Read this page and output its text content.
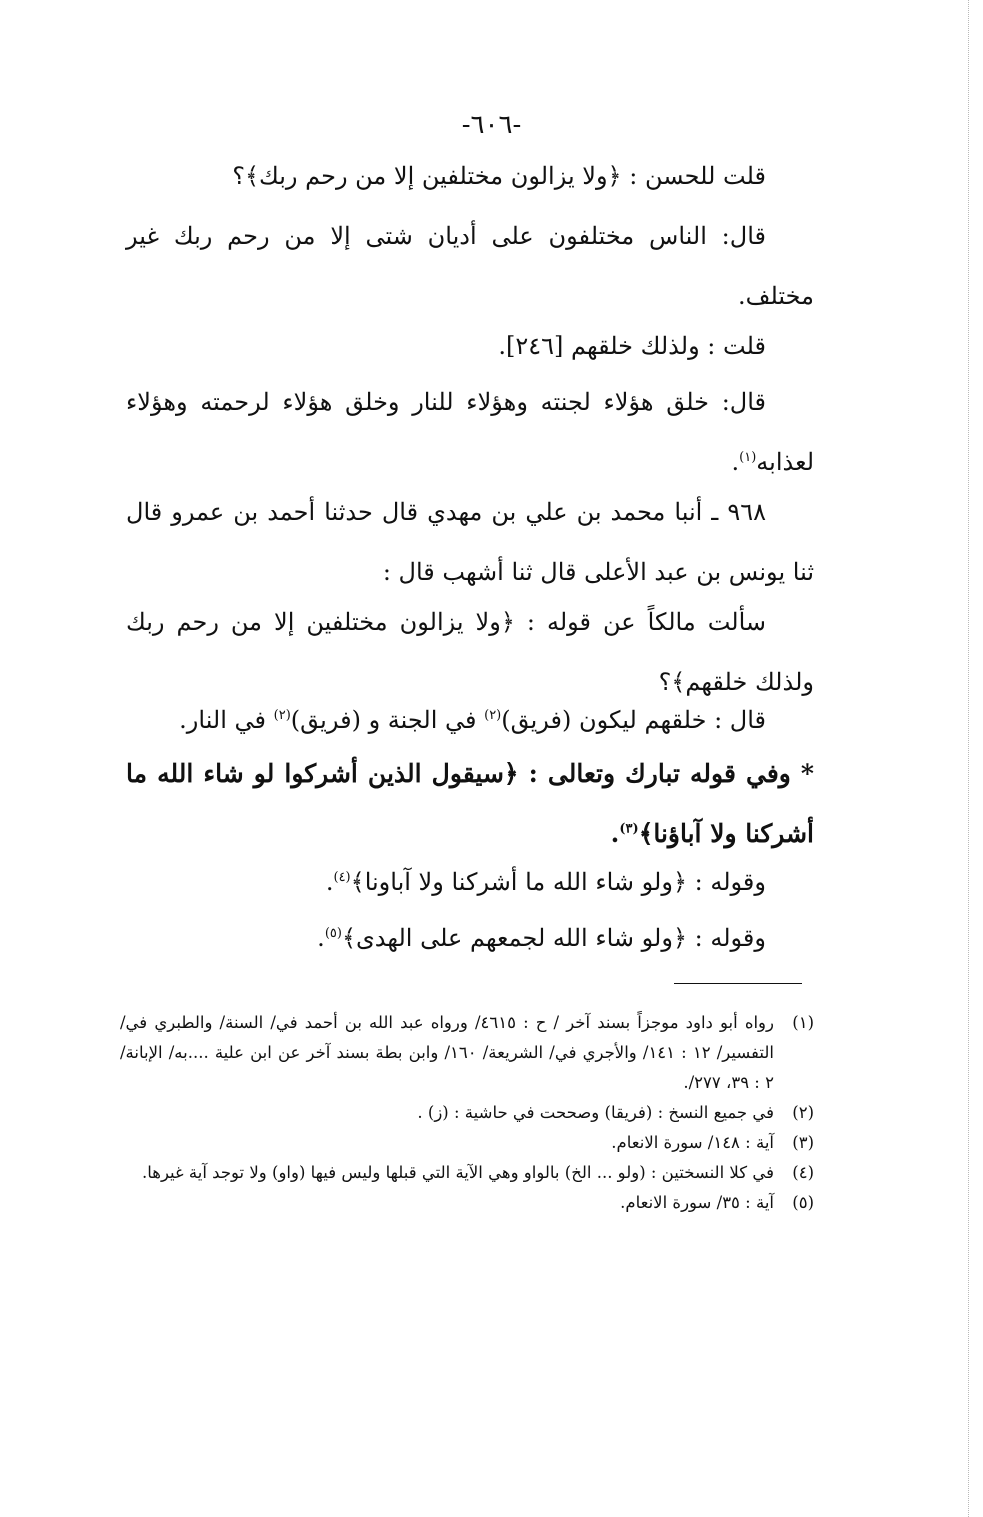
-٦٠٦-

قلت للحسن : ﴿ولا يزالون مختلفين إلا من رحم ربك﴾؟

قال: الناس مختلفون على أديان شتى إلا من رحم ربك غير مختلف.

قلت : ولذلك خلقهم [٢٤٦].

قال: خلق هؤلاء لجنته وهؤلاء للنار وخلق هؤلاء لرحمته وهؤلاء لعذابه$^{(١)}$.

٩٦٨ ـ أنبا محمد بن علي بن مهدي قال حدثنا أحمد بن عمرو قال ثنا يونس بن عبد الأعلى قال ثنا أشهب قال :

سألت مالكاً عن قوله : ﴿ولا يزالون مختلفين إلا من رحم ربك ولذلك خلقهم﴾؟

قال : خلقهم ليكون (فريق)$^{(٢)}$ في الجنة و (فريق)$^{(٢)}$ في النار.

* وفي قوله تبارك وتعالى : ﴿سيقول الذين أشركوا لو شاء الله ما أشركنا ولا آباؤنا﴾$^{(٣)}$.

وقوله : ﴿ولو شاء الله ما أشركنا ولا آباونا﴾$^{(٤)}$.

وقوله : ﴿ولو شاء الله لجمعهم على الهدى﴾$^{(٥)}$.

(١)رواه أبو داود موجزاً بسند آخر / ح : ٤٦١٥/ ورواه عبد الله بن أحمد في/ السنة/ والطبري في/ التفسير/ ١٢ : ١٤١/ والأجري في/ الشريعة/ ١٦٠/ وابن بطة بسند آخر عن ابن علية ....به/ الإبانة/ ٢ : ٣٩، ٢٧٧/.

(٢)في جميع النسخ : (فريقا) وصححت في حاشية : (ز) .

(٣)آية : ١٤٨/ سورة الانعام.

(٤)في كلا النسختين : (ولو ... الخ) بالواو وهي الآية التي قبلها وليس فيها (واو) ولا توجد آية غيرها.

(٥)آية : ٣٥/ سورة الانعام.
